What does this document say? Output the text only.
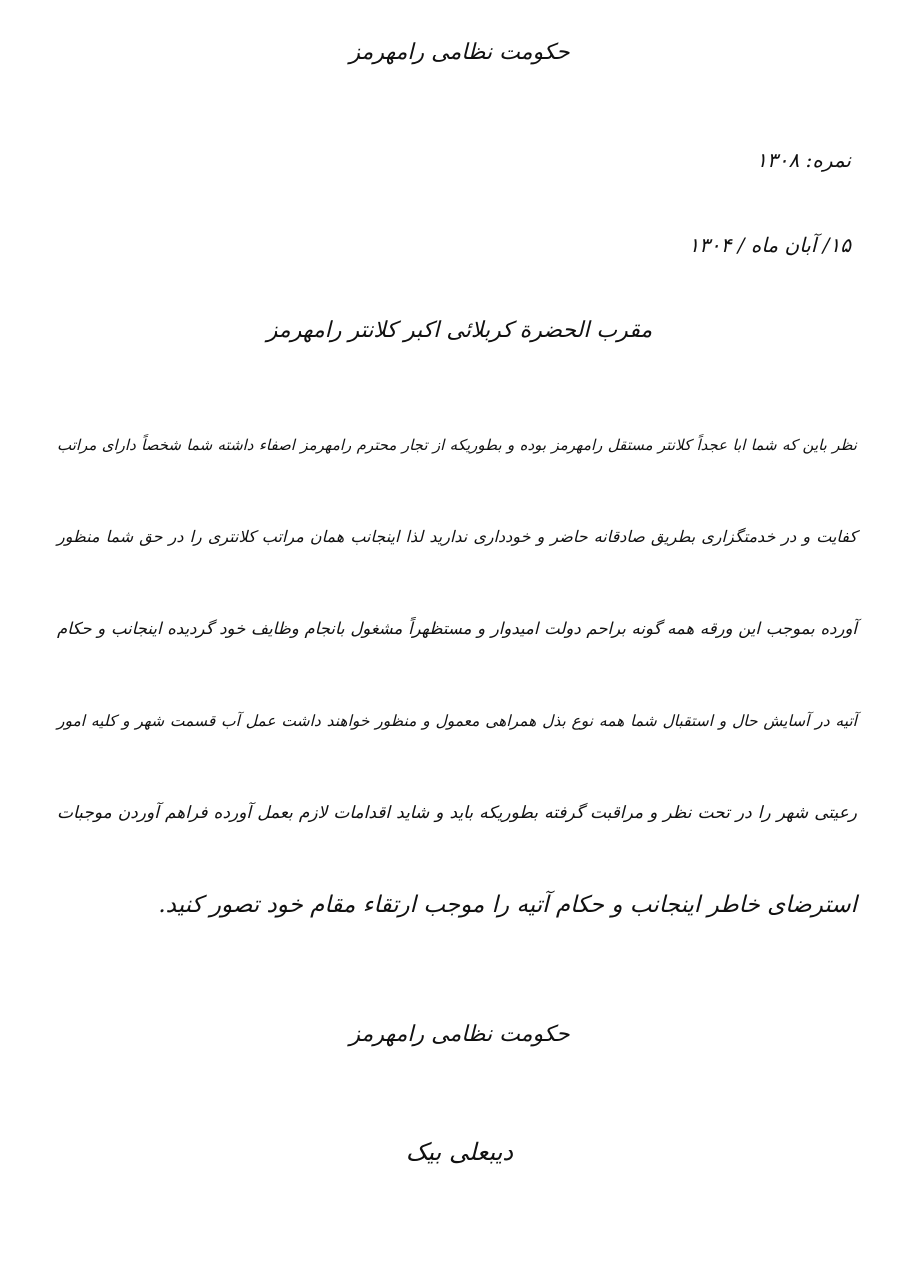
حکومت نظامی رامهرمز
نمره: ۱۳۰۸
۱۵/ آبان ماه / ۱۳۰۴
مقرب الحضرة کربلائی اکبر کلانتر رامهرمز
نظر باین که شما ابا عجداً کلانتر مستقل رامهرمز بوده و بطوریکه از تجار محترم رامهرمز اصفاء داشته شما شخصاً دارای مراتب
کفایت و در خدمتگزاری بطریق صادقانه حاضر و خودداری ندارید لذا اینجانب همان مراتب کلانتری را در حق شما منظور
آورده بموجب این ورقه همه گونه براحم دولت امیدوار و مستظهراً مشغول بانجام وظایف خود گردیده اینجانب و حکام
آتیه در آسایش حال و استقبال شما همه نوع بذل همراهی معمول و منظور خواهند داشت عمل آب قسمت شهر و کلیه امور
رعیتی شهر را در تحت نظر و مراقبت گرفته بطوریکه باید و شاید اقدامات لازم بعمل آورده فراهم آوردن موجبات
استرضای خاطر اینجانب و حکام آتیه را موجب ارتقاء مقام خود تصور کنید.
حکومت نظامی رامهرمز
دیبعلی بیک
